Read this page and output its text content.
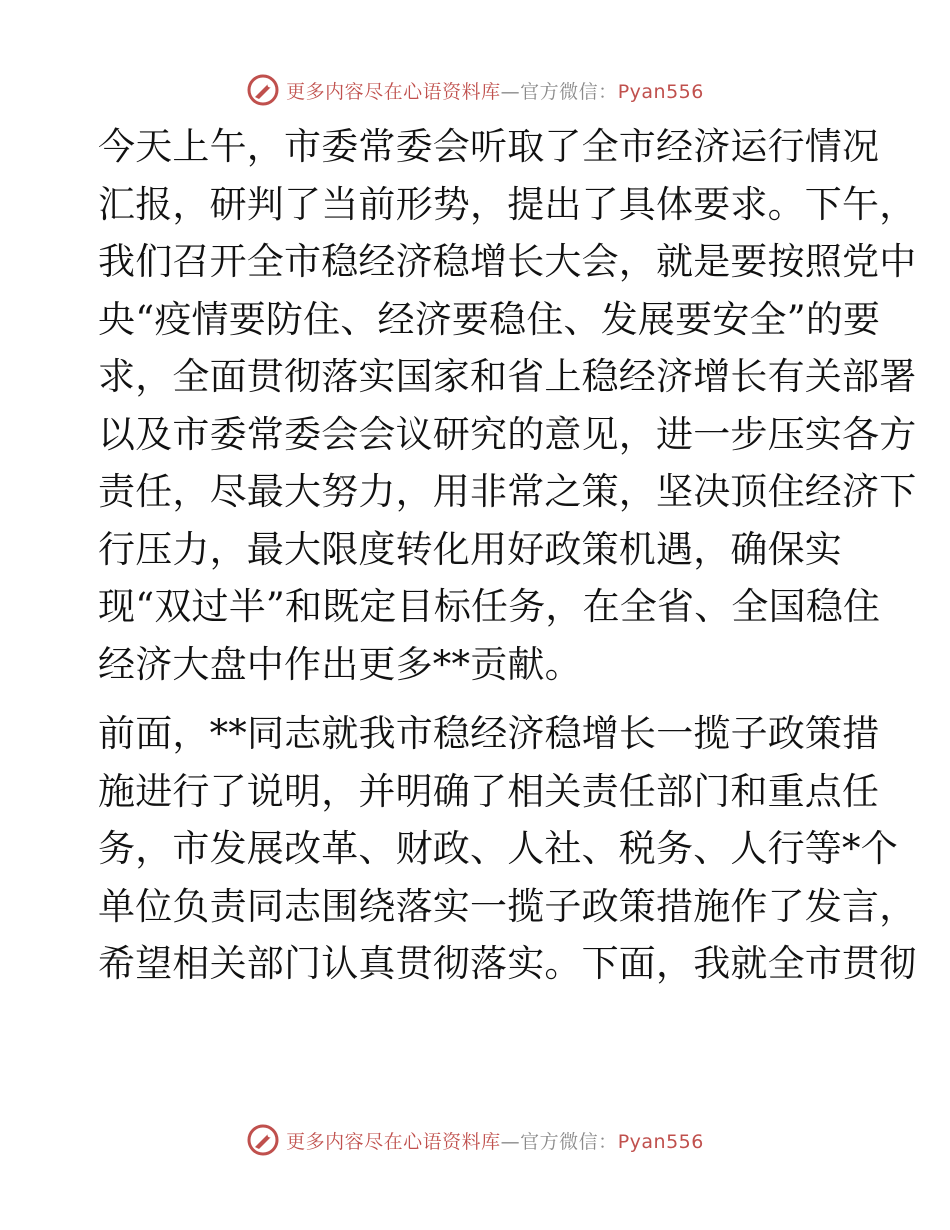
更多内容尽在心语资料库—官方微信：Pyan556

今天上午，市委常委会听取了全市经济运行情况
汇报，研判了当前形势，提出了具体要求。下午，
我们召开全市稳经济稳增长大会，就是要按照党中
央“疫情要防住、经济要稳住、发展要安全”的要
求，全面贯彻落实国家和省上稳经济增长有关部署
以及市委常委会会议研究的意见，进一步压实各方
责任，尽最大努力，用非常之策，坚决顶住经济下
行压力，最大限度转化用好政策机遇，确保实
现“双过半”和既定目标任务，在全省、全国稳住
经济大盘中作出更多**贡献。

前面，**同志就我市稳经济稳增长一揽子政策措
施进行了说明，并明确了相关责任部门和重点任
务，市发展改革、财政、人社、税务、人行等*个
单位负责同志围绕落实一揽子政策措施作了发言，
希望相关部门认真贯彻落实。下面，我就全市贯彻

更多内容尽在心语资料库—官方微信：Pyan556
